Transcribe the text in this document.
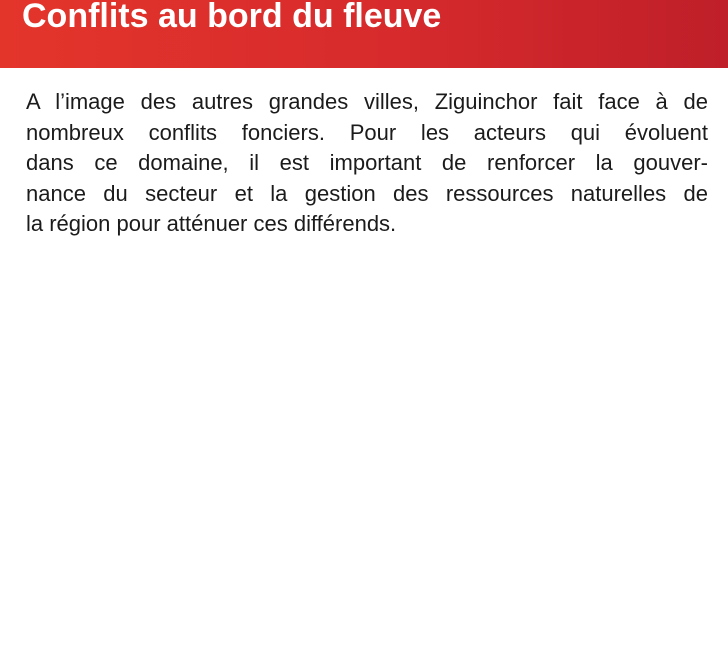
Conflits au bord du fleuve

A l’image des autres grandes villes, Ziguinchor fait face à de
nombreux conflits fonciers. Pour les acteurs qui évoluent
dans ce domaine, il est important de renforcer la gouver-
nance du secteur et la gestion des ressources naturelles de
la région pour atténuer ces différends.
